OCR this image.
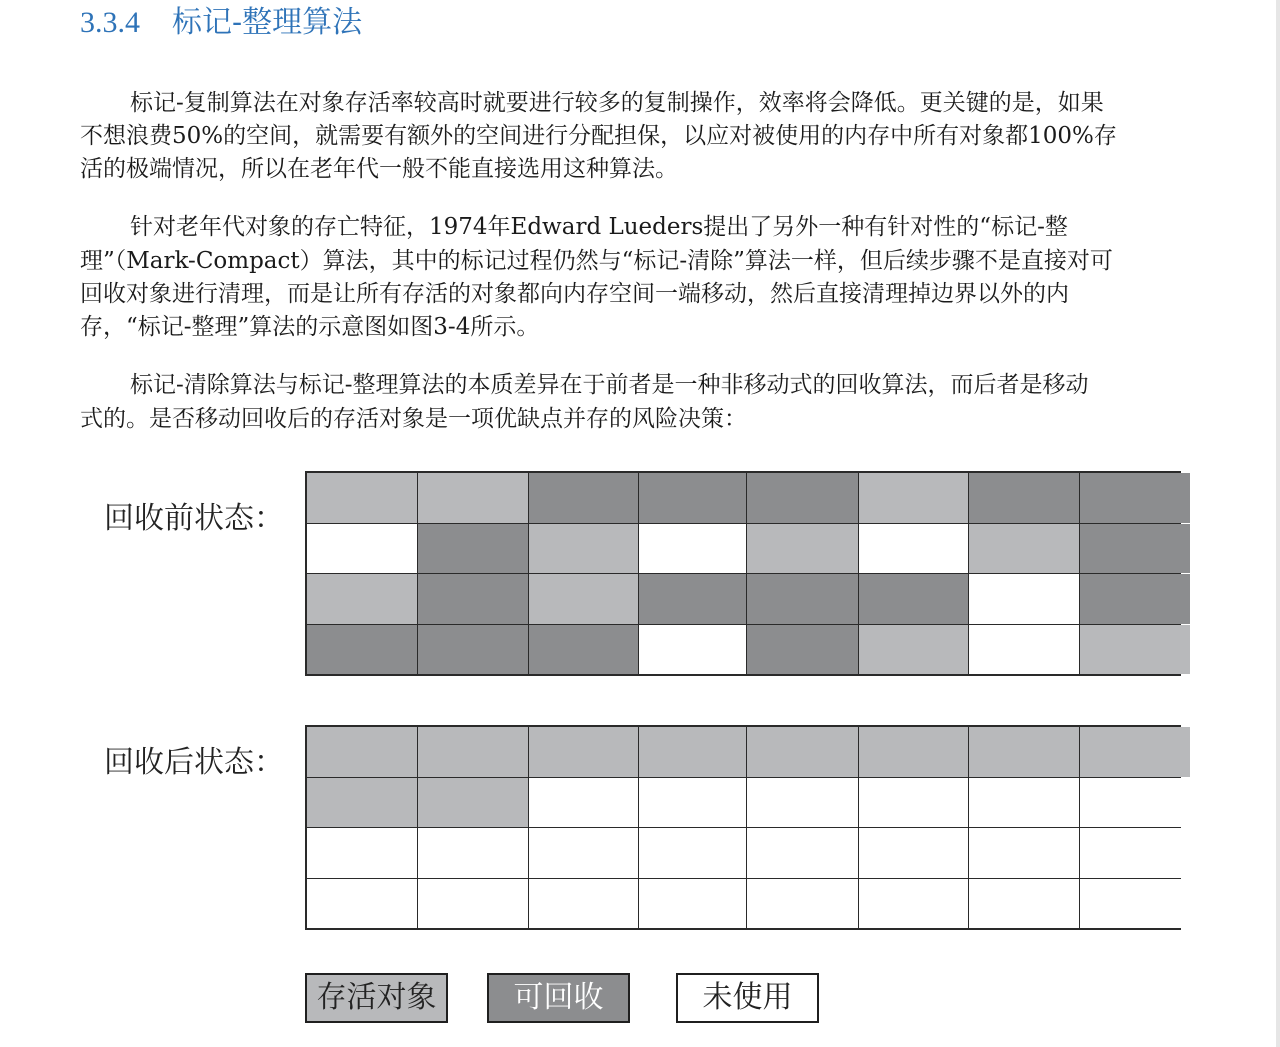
3.3.4 标记-整理算法
标记-复制算法在对象存活率较高时就要进行较多的复制操作，效率将会降低。更关键的是，如果
不想浪费50%的空间，就需要有额外的空间进行分配担保，以应对被使用的内存中所有对象都100%存
活的极端情况，所以在老年代一般不能直接选用这种算法。
针对老年代对象的存亡特征，1974年Edward Lueders提出了另外一种有针对性的“标记-整
理”（Mark-Compact）算法，其中的标记过程仍然与“标记-清除”算法一样，但后续步骤不是直接对可
回收对象进行清理，而是让所有存活的对象都向内存空间一端移动，然后直接清理掉边界以外的内
存，“标记-整理”算法的示意图如图3-4所示。
标记-清除算法与标记-整理算法的本质差异在于前者是一种非移动式的回收算法，而后者是移动
式的。是否移动回收后的存活对象是一项优缺点并存的风险决策：
回收前状态：
回收后状态：
存活对象	可回收	未使用
